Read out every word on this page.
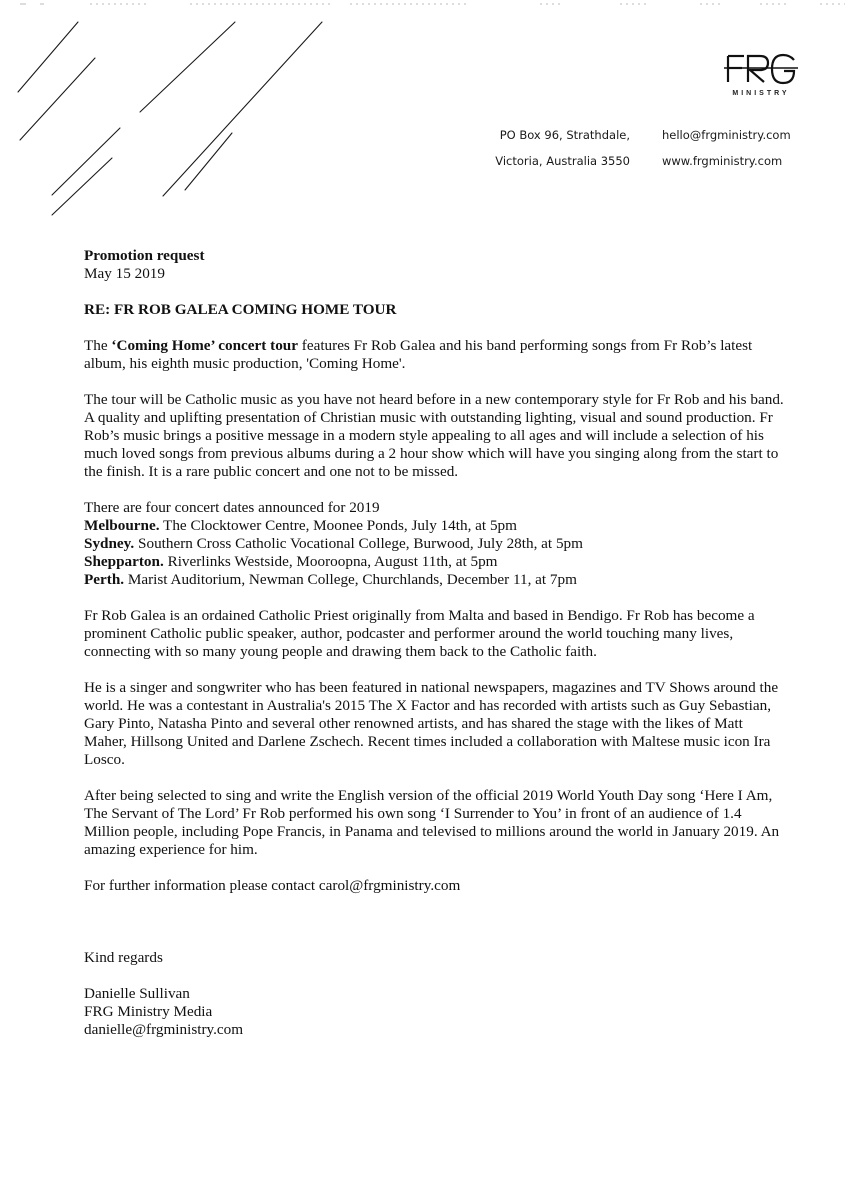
MINISTRY
PO Box 96, Strathdale,
Victoria, Australia 3550
hello@frgministry.com
www.frgministry.com

Promotion request

May 15 2019

RE: FR ROB GALEA COMING HOME TOUR

The ‘Coming Home’ concert tour features Fr Rob Galea and his band performing songs from Fr Rob’s latest album, his eighth music production, 'Coming Home'.

The tour will be Catholic music as you have not heard before in a new contemporary style for Fr Rob and his band. A quality and uplifting presentation of Christian music with outstanding lighting, visual and sound production. Fr Rob’s music brings a positive message in a modern style appealing to all ages and will include a selection of his much loved songs from previous albums during a 2 hour show which will have you singing along from the start to the finish. It is a rare public concert and one not to be missed.

There are four concert dates announced for 2019

Melbourne. The Clocktower Centre, Moonee Ponds, July 14th, at 5pm

Sydney. Southern Cross Catholic Vocational College, Burwood, July 28th, at 5pm

Shepparton. Riverlinks Westside, Mooroopna, August 11th, at 5pm

Perth. Marist Auditorium, Newman College, Churchlands, December 11, at 7pm

Fr Rob Galea is an ordained Catholic Priest originally from Malta and based in Bendigo. Fr Rob has become a prominent Catholic public speaker, author, podcaster and performer around the world touching many lives, connecting with so many young people and drawing them back to the Catholic faith.

He is a singer and songwriter who has been featured in national newspapers, magazines and TV Shows around the world. He was a contestant in Australia's 2015 The X Factor and has recorded with artists such as Guy Sebastian, Gary Pinto, Natasha Pinto and several other renowned artists, and has shared the stage with the likes of Matt Maher, Hillsong United and Darlene Zschech. Recent times included a collaboration with Maltese music icon Ira Losco.

After being selected to sing and write the English version of the official 2019 World Youth Day song ‘Here I Am, The Servant of The Lord’ Fr Rob performed his own song ‘I Surrender to You’ in front of an audience of 1.4 Million people, including Pope Francis, in Panama and televised to millions around the world in January 2019. An amazing experience for him.

For further information please contact carol@frgministry.com

Kind regards

Danielle Sullivan

FRG Ministry Media

danielle@frgministry.com
